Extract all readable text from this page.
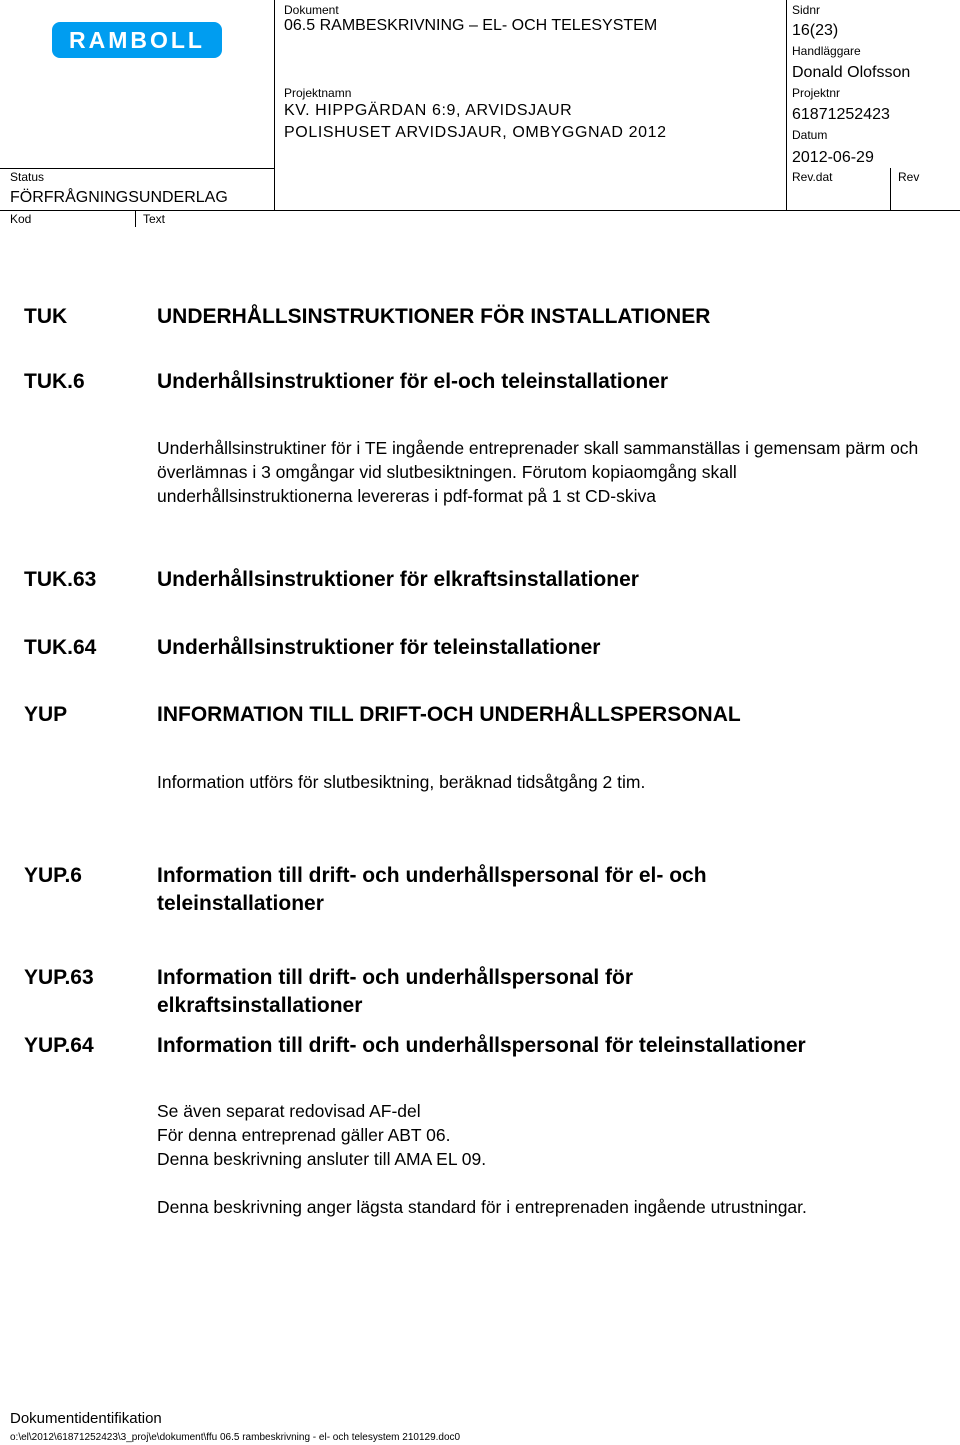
RAMBOLL
Dokument
06.5 RAMBESKRIVNING – EL- OCH TELESYSTEM
Projektnamn
KV. HIPPGÄRDAN 6:9, ARVIDSJAUR
POLISHUSET ARVIDSJAUR, OMBYGGNAD 2012
Sidnr
16(23)
Handläggare
Donald Olofsson
Projektnr
61871252423
Datum
2012-06-29
Rev.dat	Rev
Status
FÖRFRÅGNINGSUNDERLAG
Kod	Text
TUK	UNDERHÅLLSINSTRUKTIONER FÖR INSTALLATIONER
TUK.6	Underhållsinstruktioner för el-och teleinstallationer
Underhållsinstruktiner för i TE ingående entreprenader skall sammanställas i gemensam pärm och överlämnas i 3 omgångar vid slutbesiktningen. Förutom kopiaomgång skall underhållsinstruktionerna levereras i pdf-format på 1 st CD-skiva
TUK.63	Underhållsinstruktioner för elkraftsinstallationer
TUK.64	Underhållsinstruktioner för teleinstallationer
YUP	INFORMATION TILL DRIFT-OCH UNDERHÅLLSPERSONAL
Information utförs för slutbesiktning, beräknad tidsåtgång 2 tim.
YUP.6	Information till drift- och underhållspersonal för el- och teleinstallationer
YUP.63	Information till drift- och underhållspersonal för elkraftsinstallationer
YUP.64	Information till drift- och underhållspersonal för teleinstallationer
Se även separat redovisad AF-del
För denna entreprenad gäller ABT 06.
Denna beskrivning ansluter till AMA EL 09.
Denna beskrivning anger lägsta standard för i entreprenaden ingående utrustningar.
Dokumentidentifikation
o:\el\2012\61871252423\3_proj\e\dokument\ffu 06.5 rambeskrivning - el- och telesystem 210129.doc0
